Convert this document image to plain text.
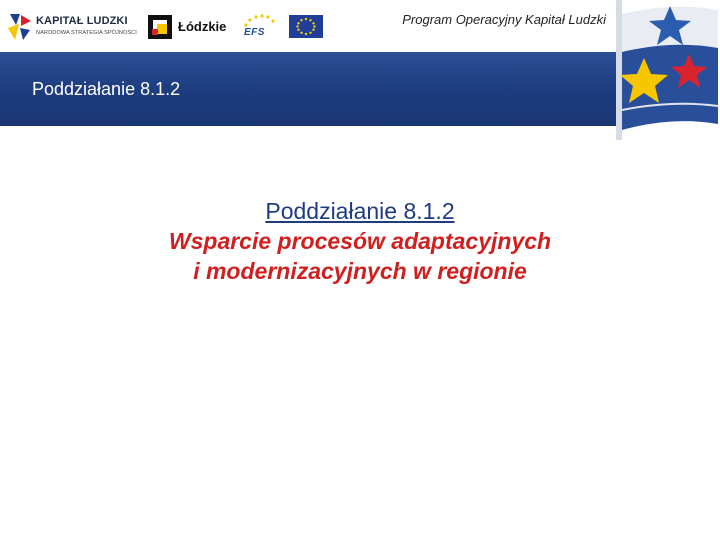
KAPITAŁ LUDZKI
NARODOWA STRATEGIA SPÓJNOŚCI	Łódzkie EFS
Program Operacyjny Kapitał Ludzki
Poddziałanie 8.1.2
Poddziałanie 8.1.2
Wsparcie procesów adaptacyjnych
i modernizacyjnych w regionie
